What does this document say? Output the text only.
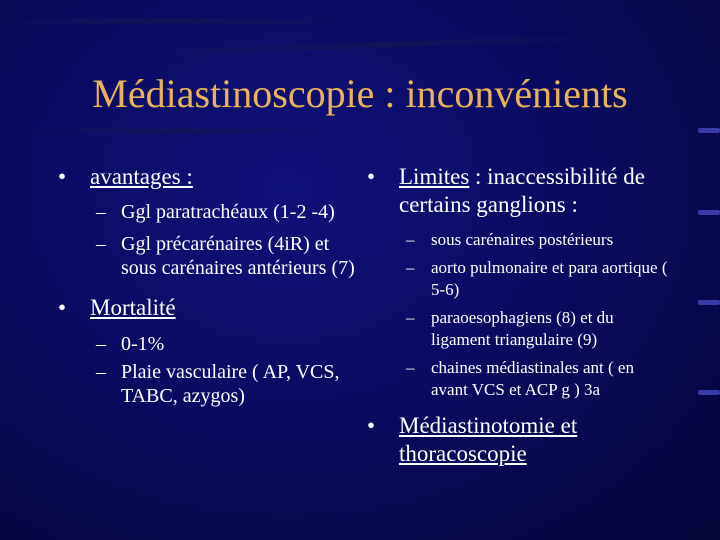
Médiastinoscopie : inconvénients
•	avantages :
– Ggl paratrachéaux (1-2 -4)
– Ggl précarénaires (4iR) et sous carénaires antérieurs (7)
•	Mortalité
– 0-1%
– Plaie vasculaire ( AP, VCS, TABC, azygos)
•	Limites : inaccessibilité de certains ganglions :
– sous carénaires postérieurs
– aorto pulmonaire et para aortique ( 5-6)
– paraoesophagiens (8) et du ligament triangulaire (9)
– chaines médiastinales ant ( en avant VCS et ACP g ) 3a
•	Médiastinotomie et thoracoscopie
